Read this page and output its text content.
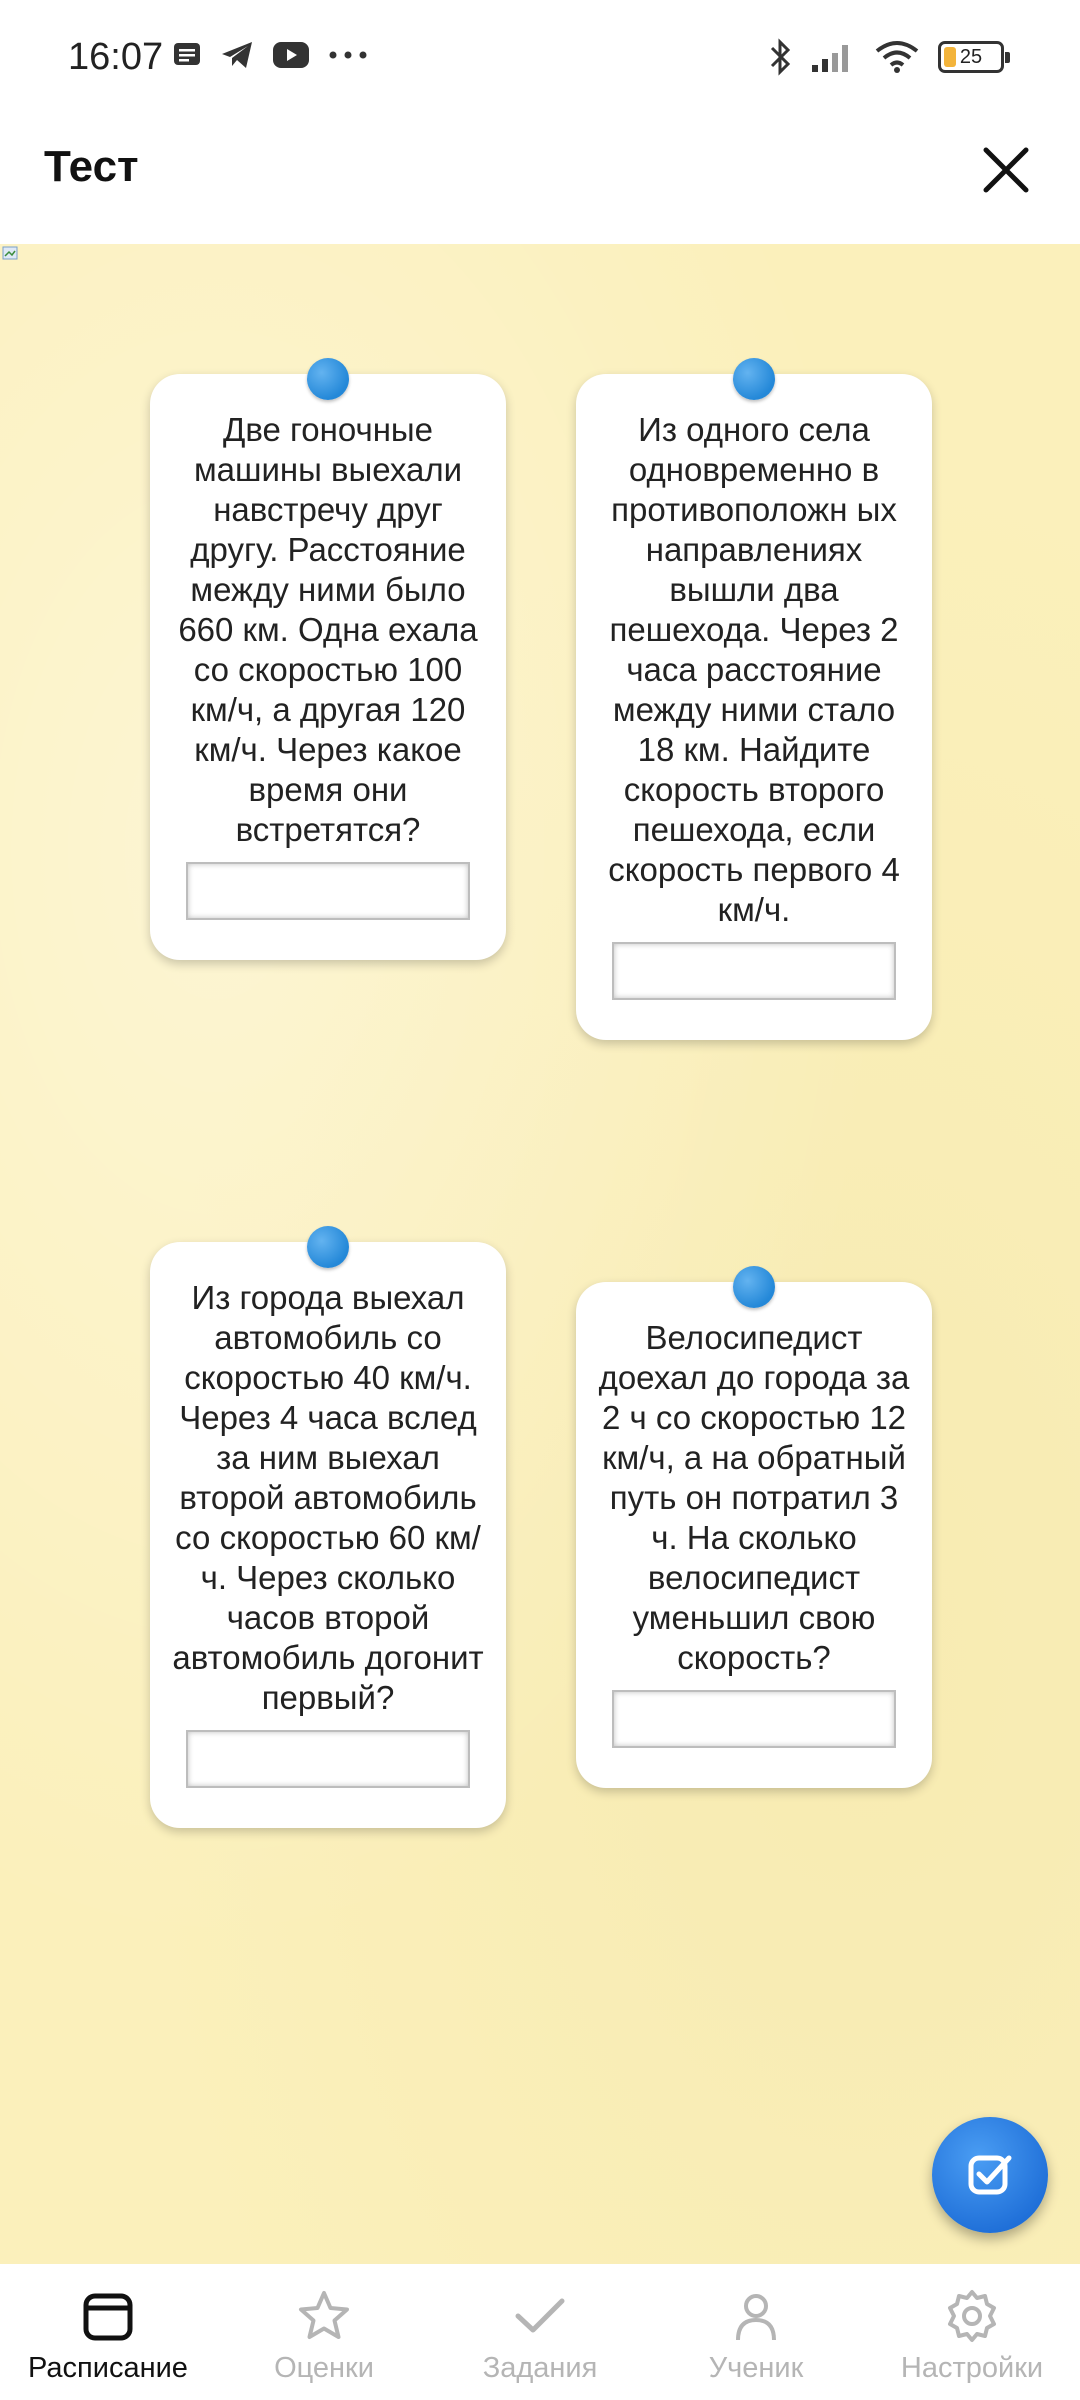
16:07	25
Тест
Две гоночные машины выехали навстречу друг другу. Расстояние между ними было 660 км. Одна ехала со скоростью 100 км/ч, а другая 120 км/ч. Через какое время они встретятся?
Из одного села одновременно в противоположн ых направлениях вышли два пешехода. Через 2 часа расстояние между ними стало 18 км. Найдите скорость второго пешехода, если скорость первого 4 км/ч.
Из города выехал автомобиль со скоростью 40 км/ч. Через 4 часа вслед за ним выехал второй автомобиль со скоростью 60 км/ч. Через сколько часов второй автомобиль догонит первый?
Велосипедист доехал до города за 2 ч со скоростью 12 км/ч, а на обратный путь он потратил 3 ч. На сколько велосипедист уменьшил свою скорость?
Расписание	Оценки	Задания	Ученик	Настройки
